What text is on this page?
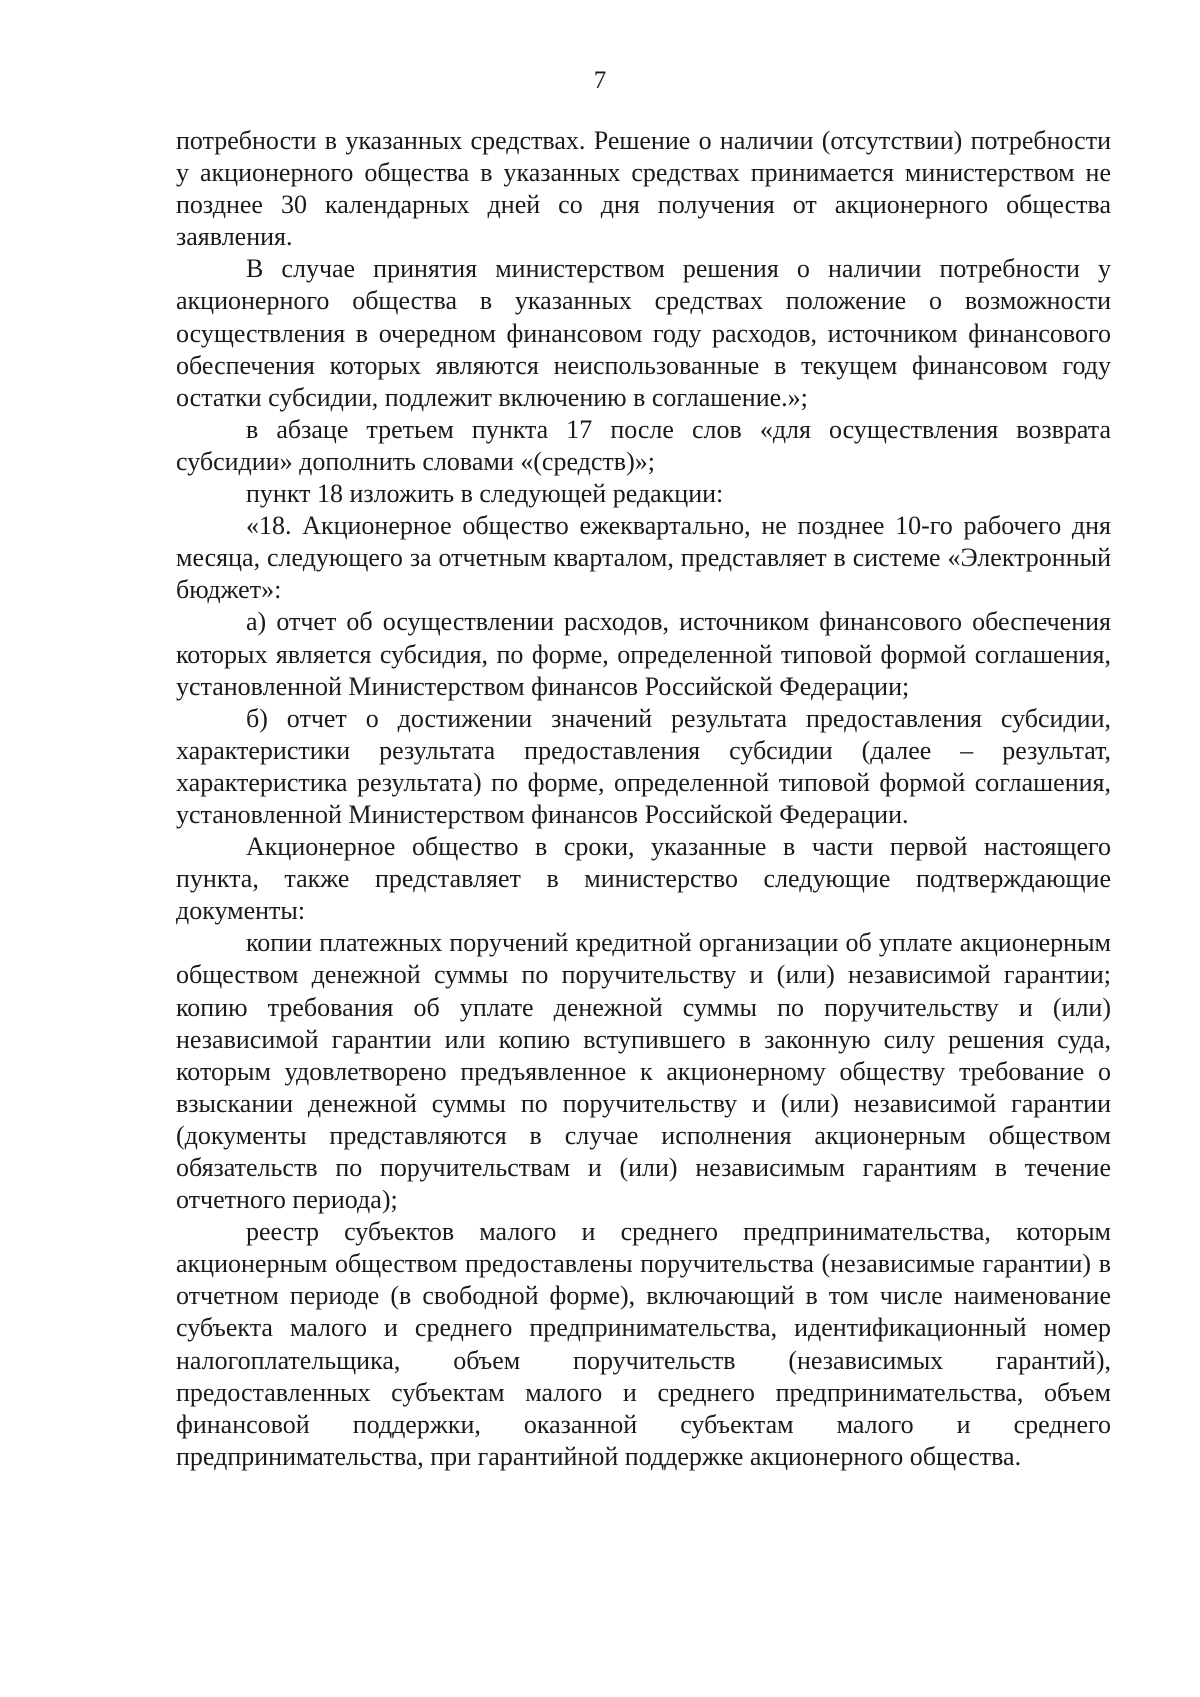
7

потребности в указанных средствах. Решение о наличии (отсутствии) потребности у акционерного общества в указанных средствах принимается министерством не позднее 30 календарных дней со дня получения от акционерного общества заявления.

В случае принятия министерством решения о наличии потребности у акционерного общества в указанных средствах положение о возможности осуществления в очередном финансовом году расходов, источником финансового обеспечения которых являются неиспользованные в текущем финансовом году остатки субсидии, подлежит включению в соглашение.»;

в абзаце третьем пункта 17 после слов «для осуществления возврата субсидии» дополнить словами «(средств)»;

пункт 18 изложить в следующей редакции:

«18. Акционерное общество ежеквартально, не позднее 10-го рабочего дня месяца, следующего за отчетным кварталом, представляет в системе «Электронный бюджет»:

а) отчет об осуществлении расходов, источником финансового обеспечения которых является субсидия, по форме, определенной типовой формой соглашения, установленной Министерством финансов Российской Федерации;

б) отчет о достижении значений результата предоставления субсидии, характеристики результата предоставления субсидии (далее – результат, характеристика результата) по форме, определенной типовой формой соглашения, установленной Министерством финансов Российской Федерации.

Акционерное общество в сроки, указанные в части первой настоящего пункта, также представляет в министерство следующие подтверждающие документы:

копии платежных поручений кредитной организации об уплате акционерным обществом денежной суммы по поручительству и (или) независимой гарантии; копию требования об уплате денежной суммы по поручительству и (или) независимой гарантии или копию вступившего в законную силу решения суда, которым удовлетворено предъявленное к акционерному обществу требование о взыскании денежной суммы по поручительству и (или) независимой гарантии (документы представляются в случае исполнения акционерным обществом обязательств по поручительствам и (или) независимым гарантиям в течение отчетного периода);

реестр субъектов малого и среднего предпринимательства, которым акционерным обществом предоставлены поручительства (независимые гарантии) в отчетном периоде (в свободной форме), включающий в том числе наименование субъекта малого и среднего предпринимательства, идентификационный номер налогоплательщика, объем поручительств (независимых гарантий), предоставленных субъектам малого и среднего предпринимательства, объем финансовой поддержки, оказанной субъектам малого и среднего предпринимательства, при гарантийной поддержке акционерного общества.
